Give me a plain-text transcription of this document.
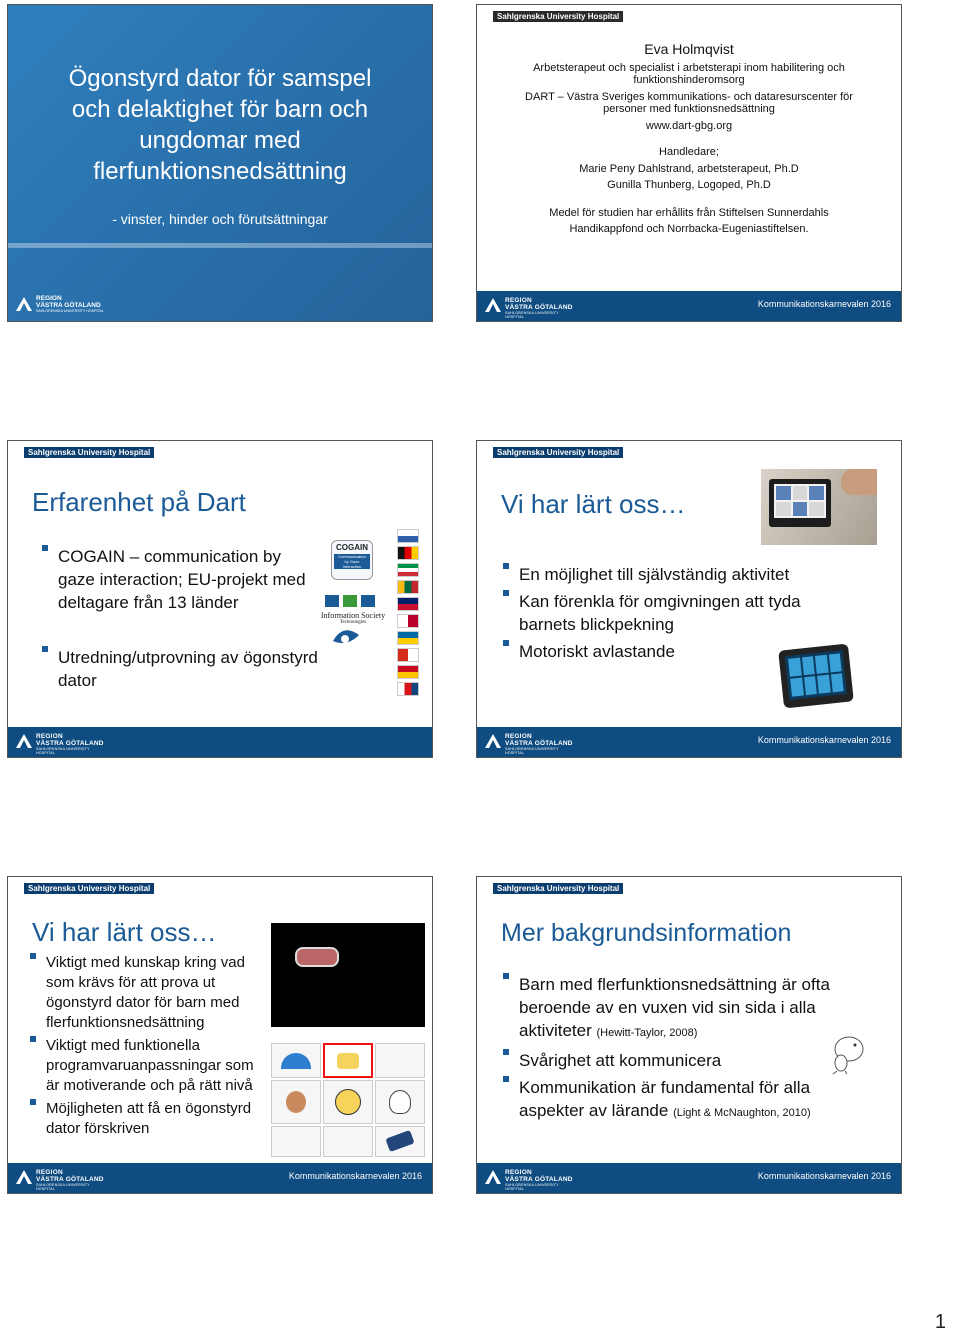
Ögonstyrd dator för samspel
och delaktighet för barn och
ungdomar med
flerfunktionsnedsättning
- vinster, hinder och förutsättningar
REGION
VÄSTRA GÖTALAND
SAHLGRENSKA UNIVERSITY HOSPITAL
Sahlgrenska University Hospital
Eva Holmqvist
Arbetsterapeut och specialist i arbetsterapi inom habilitering och
funktionshinderomsorg
DART – Västra Sveriges kommunikations- och dataresurscenter för
personer med funktionsnedsättning
www.dart-gbg.org
Handledare;
Marie Peny Dahlstrand, arbetsterapeut, Ph.D
Gunilla Thunberg, Logoped, Ph.D
Medel för studien har erhållits från Stiftelsen Sunnerdahls
Handikappfond och Norrbacka-Eugeniastiftelsen.
REGION
VÄSTRA GÖTALAND
SAHLGRENSKA UNIVERSITY HOSPITAL
Kommunikationskarnevalen 2016
Sahlgrenska University Hospital
Erfarenhet på Dart
COGAIN – communication by gaze interaction; EU-projekt med deltagare från 13 länder
Utredning/utprovning av ögonstyrd dator
COGAIN
Communication
by Gaze
Interaction
Information Society
Technologies
REGION
VÄSTRA GÖTALAND
SAHLGRENSKA UNIVERSITY HOSPITAL
Sahlgrenska University Hospital
Vi har lärt oss…
En möjlighet till självständig aktivitet
Kan förenkla för omgivningen att tyda barnets blickpekning
Motoriskt avlastande
REGION
VÄSTRA GÖTALAND
SAHLGRENSKA UNIVERSITY HOSPITAL
Kommunikationskarnevalen 2016
Sahlgrenska University Hospital
Vi har lärt oss…
Viktigt med kunskap kring vad som krävs för att prova ut ögonstyrd dator för barn med flerfunktionsnedsättning
Viktigt med funktionella programvaruanpassningar som är motiverande och på rätt nivå
Möjligheten att få en ögonstyrd dator förskriven
REGION
VÄSTRA GÖTALAND
SAHLGRENSKA UNIVERSITY HOSPITAL
Kommunikationskarnevalen 2016
Sahlgrenska University Hospital
Mer bakgrundsinformation
Barn med flerfunktionsnedsättning är ofta beroende av en vuxen vid sin sida i alla aktiviteter (Hewitt-Taylor, 2008)
Svårighet att kommunicera
Kommunikation är fundamental för alla aspekter av lärande (Light & McNaughton, 2010)
REGION
VÄSTRA GÖTALAND
SAHLGRENSKA UNIVERSITY HOSPITAL
Kommunikationskarnevalen 2016
1
